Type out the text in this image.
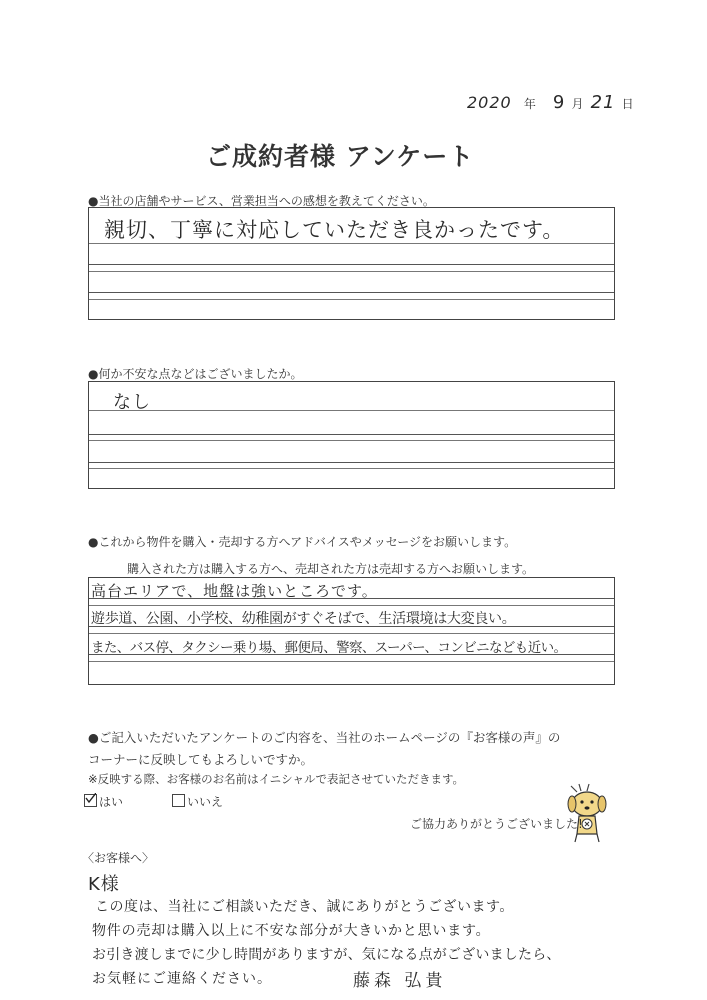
2020 年 9 月 21 日
ご成約者様 アンケート
●当社の店舗やサービス、営業担当への感想を教えてください。
親切、丁寧に対応していただき良かったです。
●何か不安な点などはございましたか。
なし
●これから物件を購入・売却する方へアドバイスやメッセージをお願いします。
購入された方は購入する方へ、売却された方は売却する方へお願いします。
高台エリアで、地盤は強いところです。
遊歩道、公園、小学校、幼稚園がすぐそばで、生活環境は大変良い。
また、バス停、タクシー乗り場、郵便局、警察、スーパー、コンビニなども近い。
●ご記入いただいたアンケートのご内容を、当社のホームページの『お客様の声』の
コーナーに反映してもよろしいですか。
※反映する際、お客様のお名前はイニシャルで表記させていただきます。
はい	いいえ
ご協力ありがとうございました!
〈お客様へ〉
K様
この度は、当社にご相談いただき、誠にありがとうございます。
物件の売却は購入以上に不安な部分が大きいかと思います。
お引き渡しまでに少し時間がありますが、気になる点がございましたら、
お気軽にご連絡ください。	藤森 弘貴
